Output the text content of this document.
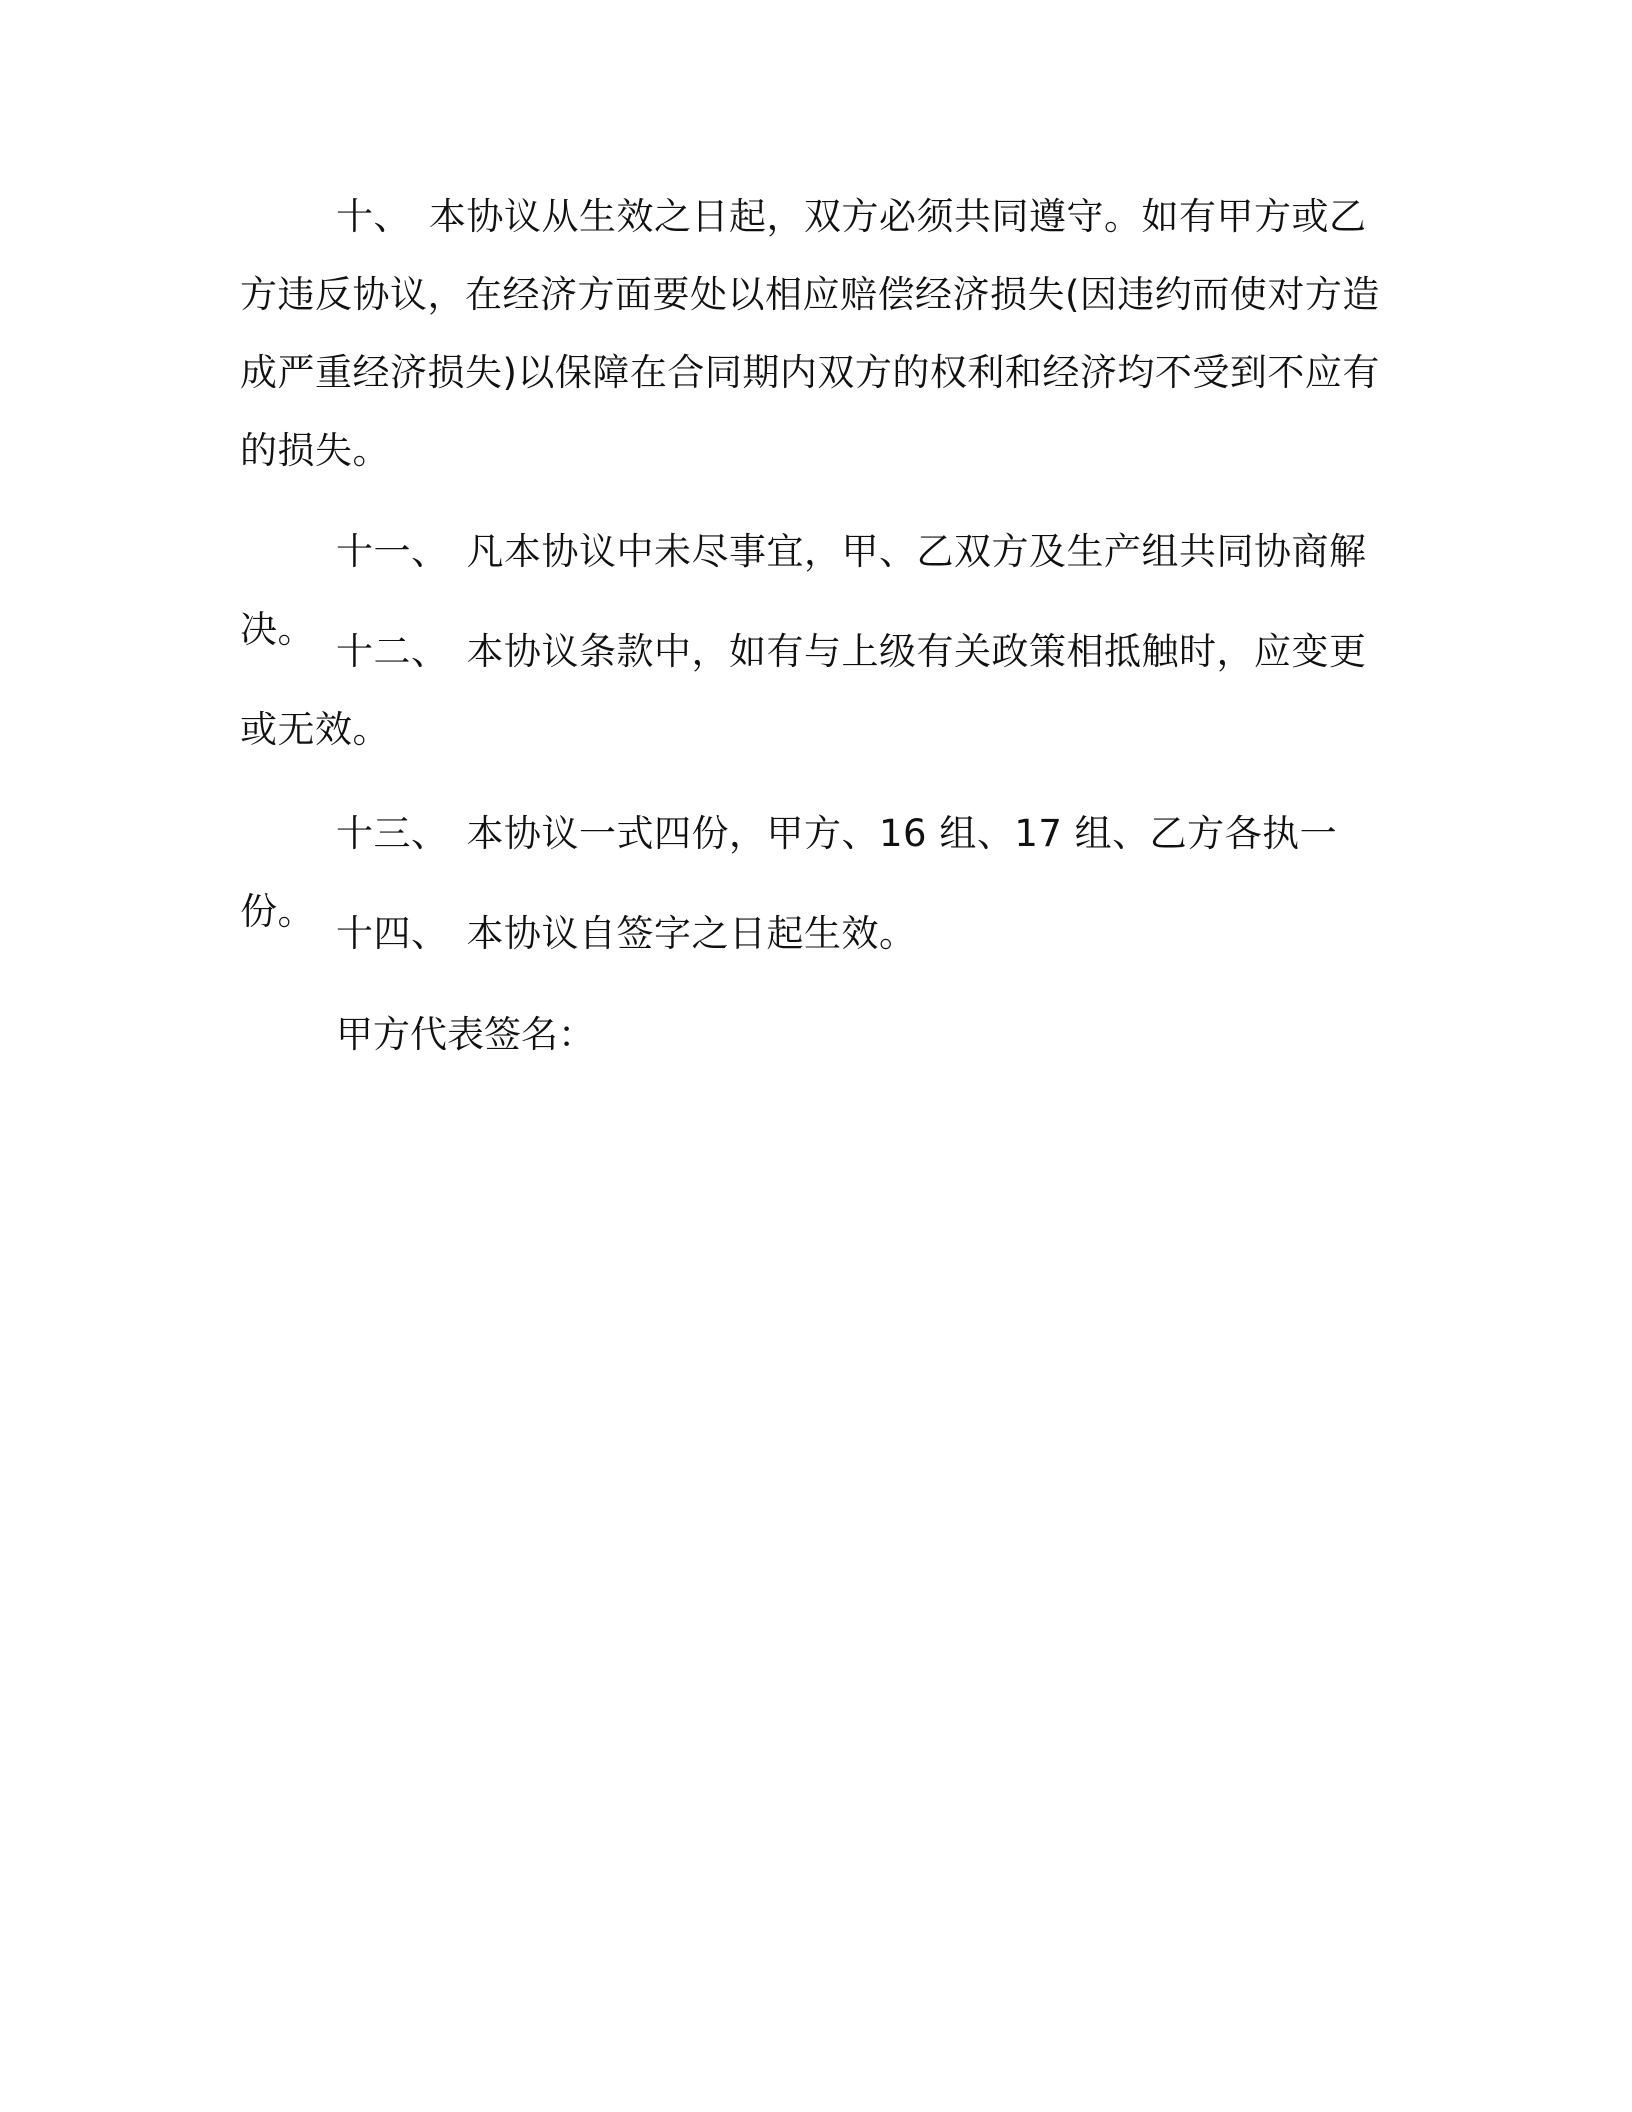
十、 本协议从生效之日起，双方必须共同遵守。如有甲方或乙方违反协议，在经济方面要处以相应赔偿经济损失(因违约而使对方造成严重经济损失)以保障在合同期内双方的权利和经济均不受到不应有的损失。

十一、 凡本协议中未尽事宜，甲、乙双方及生产组共同协商解决。

十二、 本协议条款中，如有与上级有关政策相抵触时，应变更或无效。

十三、 本协议一式四份，甲方、16 组、17 组、乙方各执一份。

十四、 本协议自签字之日起生效。

甲方代表签名：
